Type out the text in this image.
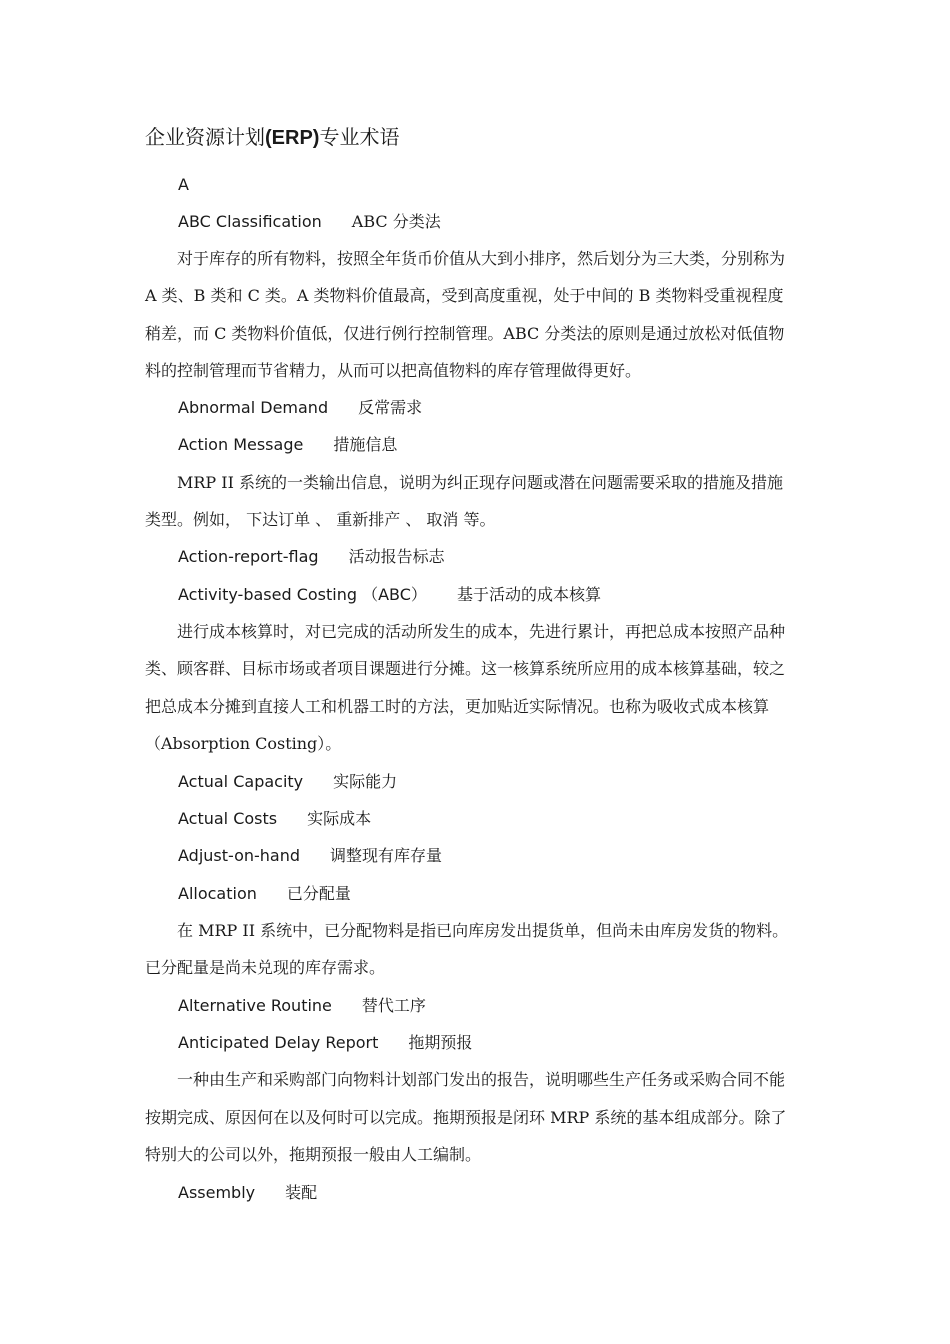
企业资源计划(ERP)专业术语
A
ABC Classification ABC 分类法
　　对于库存的所有物料，按照全年货币价值从大到小排序，然后划分为三大类，分别称为
A 类、B 类和 C 类。A 类物料价值最高，受到高度重视，处于中间的 B 类物料受重视程度
稍差，而 C 类物料价值低，仅进行例行控制管理。ABC 分类法的原则是通过放松对低值物
料的控制管理而节省精力，从而可以把高值物料的库存管理做得更好。
Abnormal Demand 反常需求
Action Message 措施信息
　　MRP II 系统的一类输出信息，说明为纠正现存问题或潜在问题需要采取的措施及措施
类型。例如， 下达订单 、 重新排产 、 取消 等。
Action-report-flag 活动报告标志
Activity-based Costing （ABC） 基于活动的成本核算
　　进行成本核算时，对已完成的活动所发生的成本，先进行累计，再把总成本按照产品种
类、顾客群、目标市场或者项目课题进行分摊。这一核算系统所应用的成本核算基础，较之
把总成本分摊到直接人工和机器工时的方法，更加贴近实际情况。也称为吸收式成本核算
（Absorption Costing）。
Actual Capacity 实际能力
Actual Costs 实际成本
Adjust-on-hand 调整现有库存量
Allocation 已分配量
　　在 MRP II 系统中，已分配物料是指已向库房发出提货单，但尚未由库房发货的物料。
已分配量是尚未兑现的库存需求。
Alternative Routine 替代工序
Anticipated Delay Report 拖期预报
　　一种由生产和采购部门向物料计划部门发出的报告，说明哪些生产任务或采购合同不能
按期完成、原因何在以及何时可以完成。拖期预报是闭环 MRP 系统的基本组成部分。除了
特别大的公司以外，拖期预报一般由人工编制。
Assembly 装配
